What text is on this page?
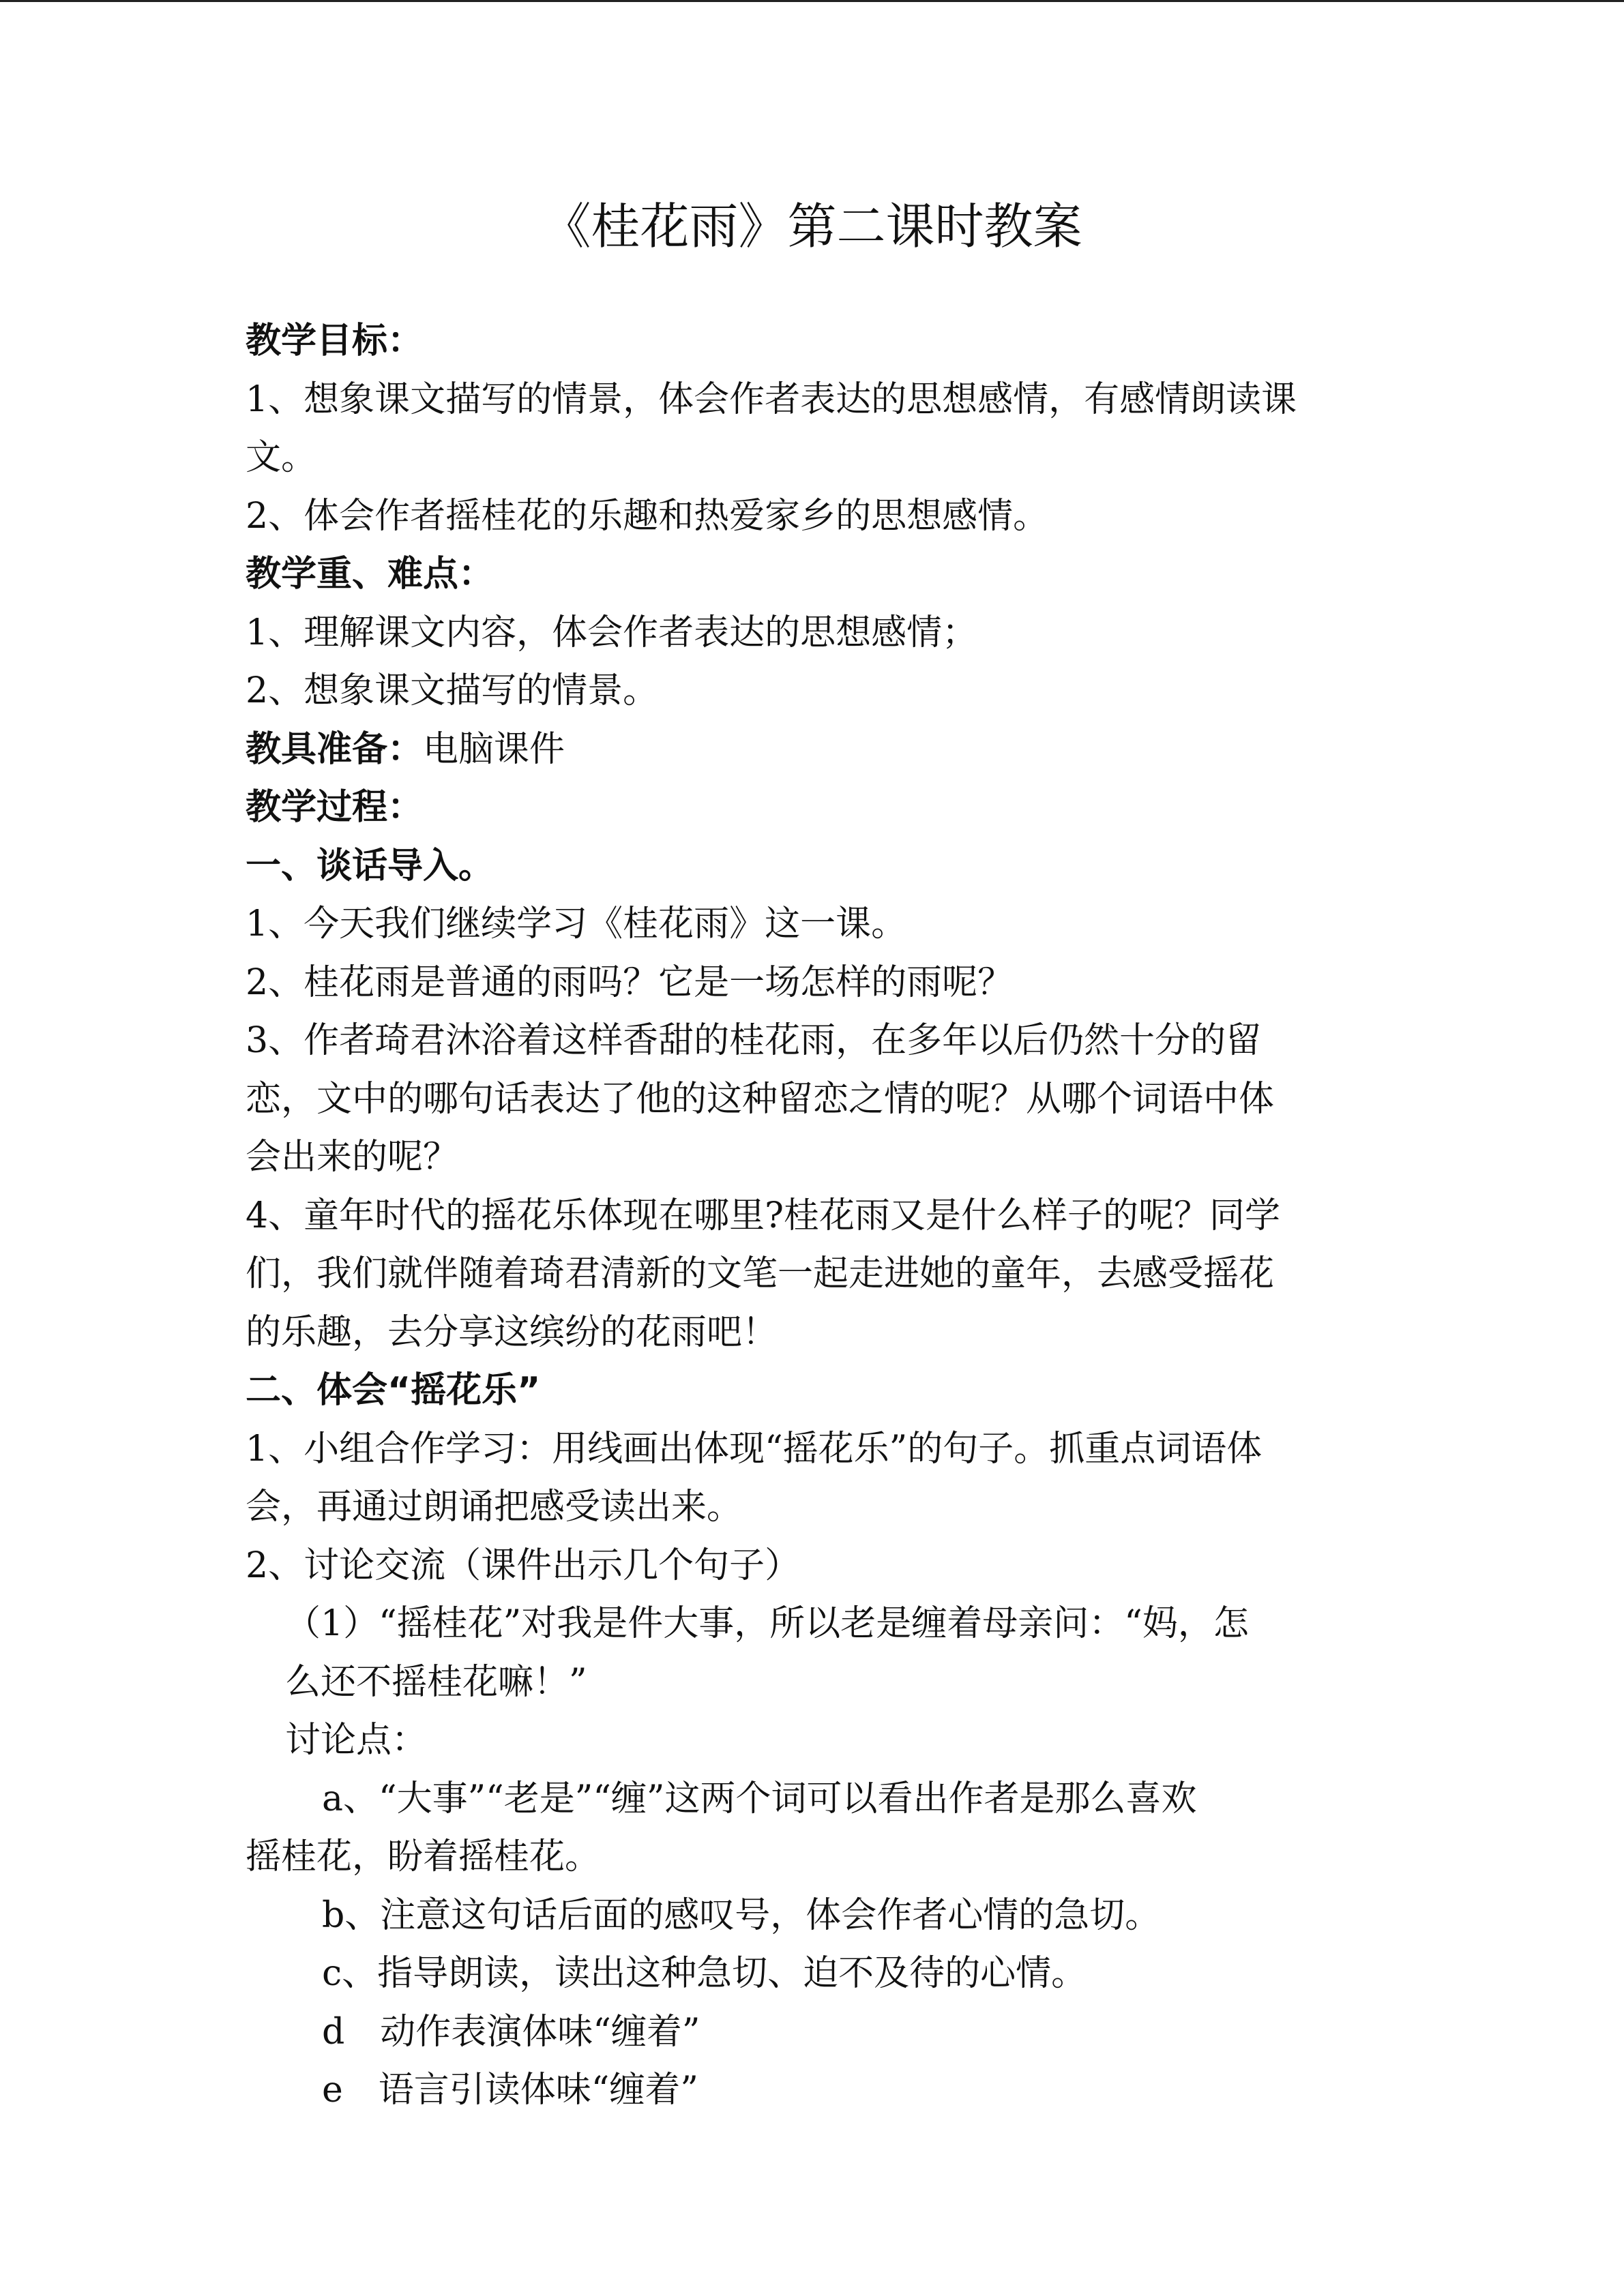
《桂花雨》第二课时教案
教学目标：
1、想象课文描写的情景，体会作者表达的思想感情，有感情朗读课
文。
2、体会作者摇桂花的乐趣和热爱家乡的思想感情。
教学重、难点：
1、理解课文内容，体会作者表达的思想感情；
2、想象课文描写的情景。
教具准备：电脑课件
教学过程：
一、谈话导入。
1、今天我们继续学习《桂花雨》这一课。
2、桂花雨是普通的雨吗？它是一场怎样的雨呢？
3、作者琦君沐浴着这样香甜的桂花雨，在多年以后仍然十分的留
恋，文中的哪句话表达了他的这种留恋之情的呢？从哪个词语中体
会出来的呢？
4、童年时代的摇花乐体现在哪里?桂花雨又是什么样子的呢？同学
们，我们就伴随着琦君清新的文笔一起走进她的童年，去感受摇花
的乐趣，去分享这缤纷的花雨吧！
二、体会“摇花乐”
1、小组合作学习：用线画出体现“摇花乐”的句子。抓重点词语体
会，再通过朗诵把感受读出来。
2、讨论交流（课件出示几个句子）
（1）“摇桂花”对我是件大事，所以老是缠着母亲问：“妈，怎
么还不摇桂花嘛！”
讨论点：
a、“大事”“老是”“缠”这两个词可以看出作者是那么喜欢
摇桂花，盼着摇桂花。
b、注意这句话后面的感叹号，体会作者心情的急切。
c、指导朗读，读出这种急切、迫不及待的心情。
d　动作表演体味“缠着”
e　语言引读体味“缠着”
